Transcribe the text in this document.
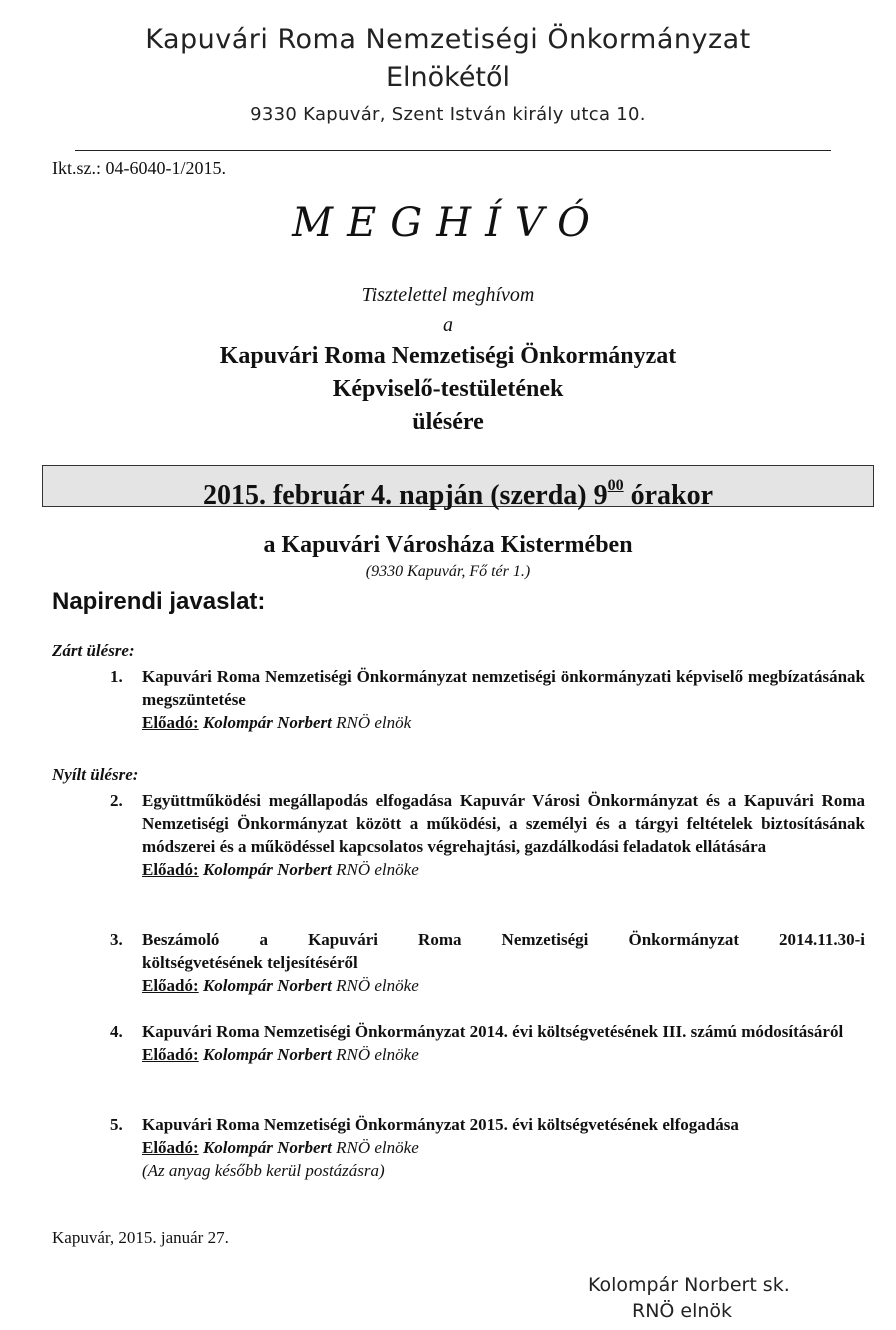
Kapuvári Roma Nemzetiségi Önkormányzat
Elnökétől
9330 Kapuvár, Szent István király utca 10.
Ikt.sz.: 04-6040-1/2015.
MEGHÍVÓ
Tisztelettel meghívom
a
Kapuvári Roma Nemzetiségi Önkormányzat
Képviselő-testületének
ülésére
2015. február 4. napján (szerda) $9^{00}$ órakor
a Kapuvári Városháza Kistermében
(9330 Kapuvár, Fő tér 1.)
Napirendi javaslat:
Zárt ülésre:
1. Kapuvári Roma Nemzetiségi Önkormányzat nemzetiségi önkormányzati képviselő megbízatásának megszüntetése
Előadó: Kolompár Norbert RNÖ elnök
Nyílt ülésre:
2. Együttműködési megállapodás elfogadása Kapuvár Városi Önkormányzat és a Kapuvári Roma Nemzetiségi Önkormányzat között a működési, a személyi és a tárgyi feltételek biztosításának módszerei és a működéssel kapcsolatos végrehajtási, gazdálkodási feladatok ellátására
Előadó: Kolompár Norbert RNÖ elnöke
3. Beszámoló a Kapuvári Roma Nemzetiségi Önkormányzat 2014.11.30-i
költségvetésének teljesítéséről
Előadó: Kolompár Norbert RNÖ elnöke
4. Kapuvári Roma Nemzetiségi Önkormányzat 2014. évi költségvetésének III. számú módosításáról
Előadó: Kolompár Norbert RNÖ elnöke
5. Kapuvári Roma Nemzetiségi Önkormányzat 2015. évi költségvetésének elfogadása
Előadó: Kolompár Norbert RNÖ elnöke
(Az anyag később kerül postázásra)
Kapuvár, 2015. január 27.
Kolompár Norbert sk.
RNÖ elnök
